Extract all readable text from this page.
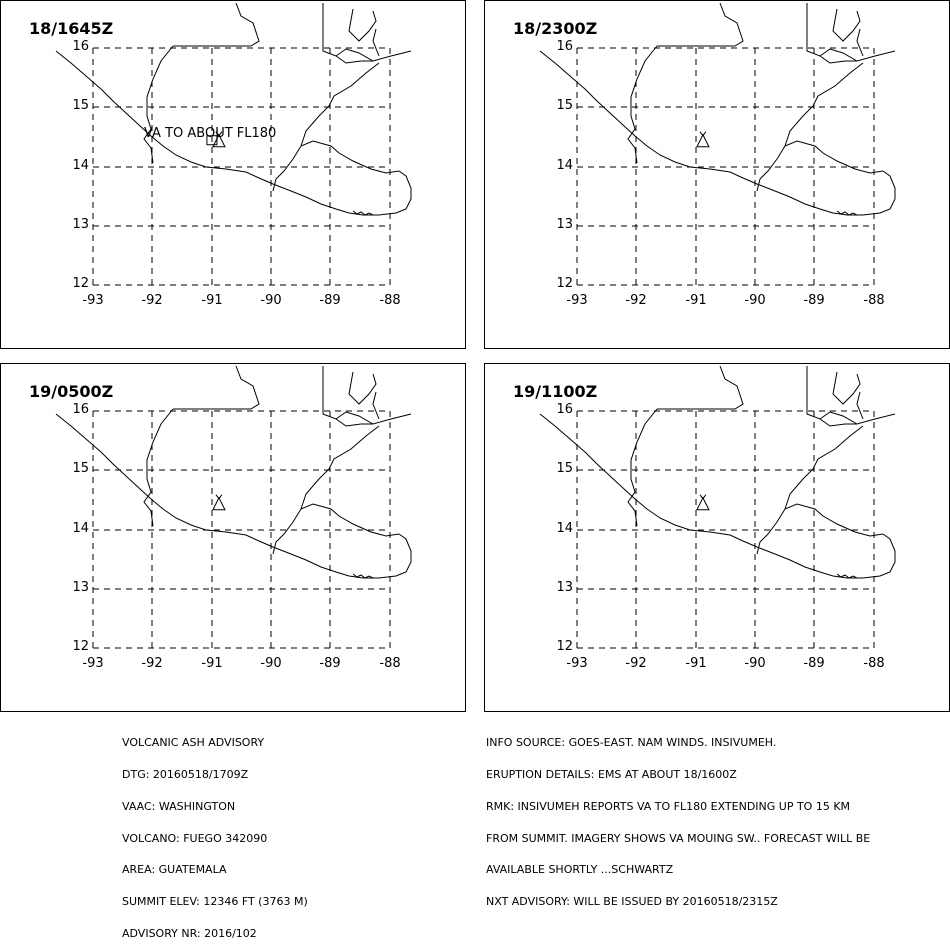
18/1645Z
VA TO ABOUT FL180
16
15
14
13
12
-93	-92	-91	-90	-89	-88
18/2300Z
16
15
14
13
12
-93	-92	-91	-90	-89	-88
19/0500Z
16
15
14
13
12
-93	-92	-91	-90	-89	-88
19/1100Z
16
15
14
13
12
-93	-92	-91	-90	-89	-88

VOLCANIC ASH ADVISORY

DTG: 20160518/1709Z

VAAC: WASHINGTON

VOLCANO: FUEGO 342090

AREA: GUATEMALA

SUMMIT ELEV: 12346 FT (3763 M)

ADVISORY NR: 2016/102

INFO SOURCE: GOES-EAST. NAM WINDS. INSIVUMEH.

ERUPTION DETAILS: EMS AT ABOUT 18/1600Z

RMK: INSIVUMEH REPORTS VA TO FL180 EXTENDING UP TO 15 KM

FROM SUMMIT. IMAGERY SHOWS VA MOUING SW.. FORECAST WILL BE

AVAILABLE SHORTLY ...SCHWARTZ

NXT ADVISORY: WILL BE ISSUED BY 20160518/2315Z
